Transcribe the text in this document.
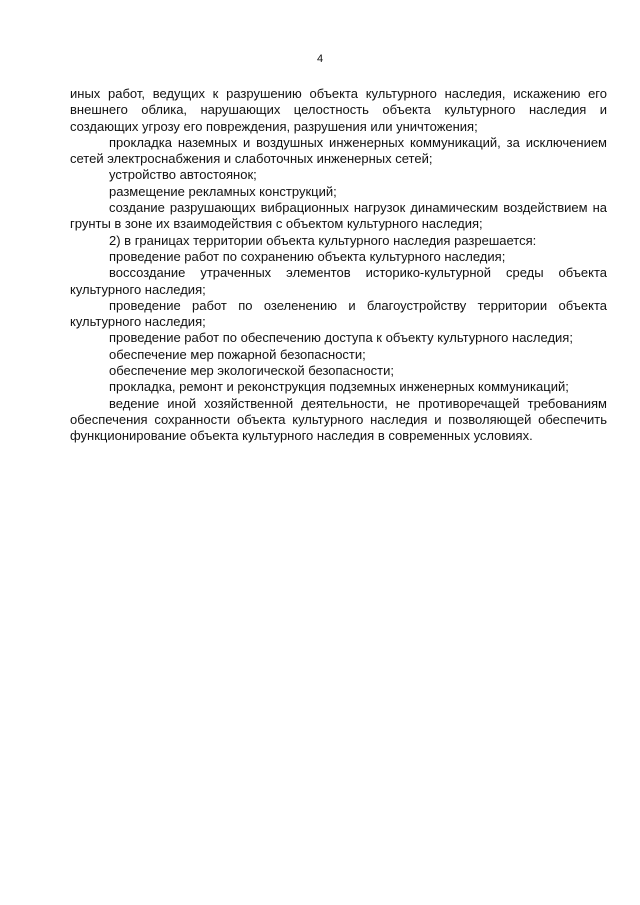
4

иных работ, ведущих к разрушению объекта культурного наследия, искажению его внешнего облика, нарушающих целостность объекта культурного наследия и создающих угрозу его повреждения, разрушения или уничтожения;

прокладка наземных и воздушных инженерных коммуникаций, за исключением сетей электроснабжения и слаботочных инженерных сетей;

устройство автостоянок;

размещение рекламных конструкций;

создание разрушающих вибрационных нагрузок динамическим воздействием на грунты в зоне их взаимодействия с объектом культурного наследия;

2) в границах территории объекта культурного наследия разрешается:

проведение работ по сохранению объекта культурного наследия;

воссоздание утраченных элементов историко-культурной среды объекта культурного наследия;

проведение работ по озеленению и благоустройству территории объекта культурного наследия;

проведение работ по обеспечению доступа к объекту культурного наследия;

обеспечение мер пожарной безопасности;

обеспечение мер экологической безопасности;

прокладка, ремонт и реконструкция подземных инженерных коммуникаций;

ведение иной хозяйственной деятельности, не противоречащей требованиям обеспечения сохранности объекта культурного наследия и позволяющей обеспечить функционирование объекта культурного наследия в современных условиях.
